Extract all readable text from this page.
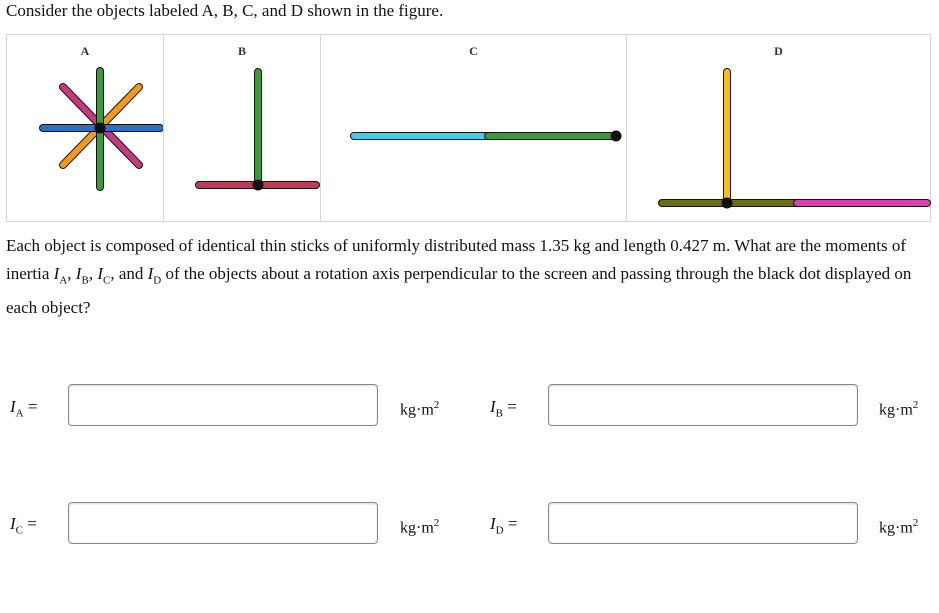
Consider the objects labeled A, B, C, and D shown in the figure.
A	B	C	D
Each object is composed of identical thin sticks of uniformly distributed mass 1.35 kg and length 0.427 m. What are the moments of inertia $I_A$, $I_B$, $I_C$, and $I_D$ of the objects about a rotation axis perpendicular to the screen and passing through the black dot displayed on each object?
$I_A$ =	$kg\cdot m^2$	$I_B$ =	$kg\cdot m^2$
$I_C$ =	$kg\cdot m^2$	$I_D$ =	$kg\cdot m^2$
